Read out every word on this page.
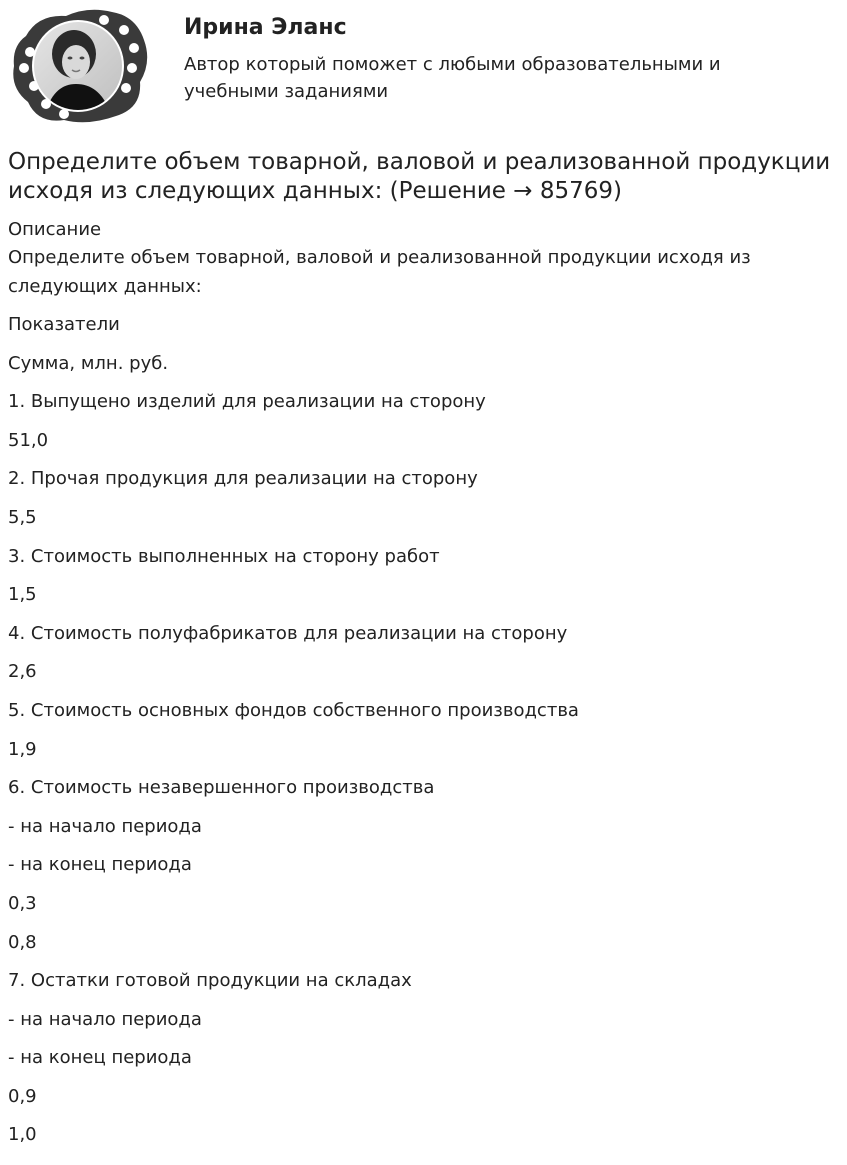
Ирина Эланс
Автор который поможет с любыми образовательными и учебными заданиями
Определите объем товарной, валовой и реализованной продукции исходя из следующих данных: (Решение → 85769)
Описание
Определите объем товарной, валовой и реализованной продукции исходя из следующих данных:
Показатели
Сумма, млн. руб.
1. Выпущено изделий для реализации на сторону
51,0
2. Прочая продукция для реализации на сторону
5,5
3. Стоимость выполненных на сторону работ
1,5
4. Стоимость полуфабрикатов для реализации на сторону
2,6
5. Стоимость основных фондов собственного производства
1,9
6. Стоимость незавершенного производства
- на начало периода
- на конец периода
0,3
0,8
7. Остатки готовой продукции на складах
- на начало периода
- на конец периода
0,9
1,0
